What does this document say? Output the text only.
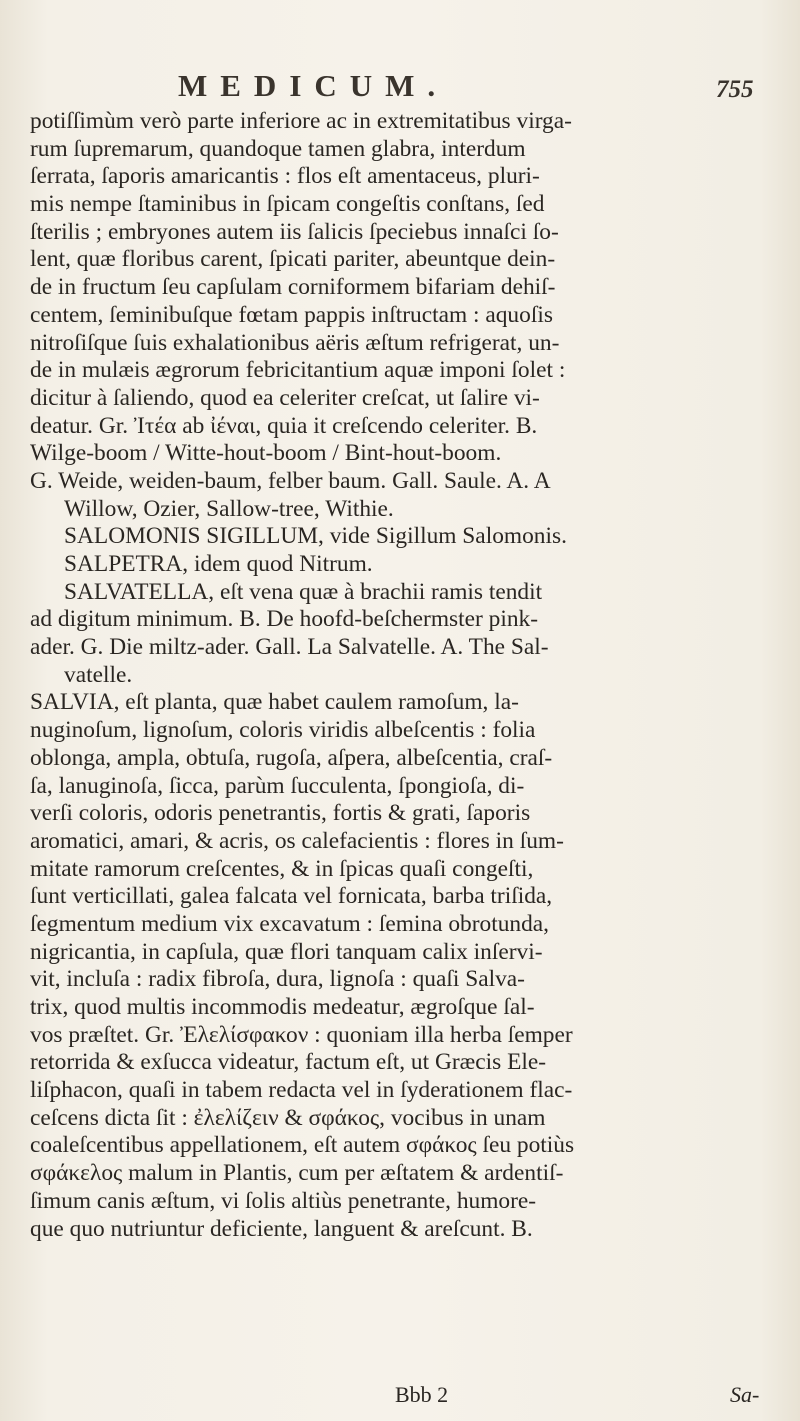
MEDICUM.	755
potiſſimùm verò parte inferiore ac in extremitatibus virga-
rum ſupremarum, quandoque tamen glabra, interdum
ſerrata, ſaporis amaricantis : flos eſt amentaceus, pluri-
mis nempe ſtaminibus in ſpicam congeſtis conſtans, ſed
ſterilis ; embryones autem iis ſalicis ſpeciebus innaſci ſo-
lent, quæ floribus carent, ſpicati pariter, abeuntque dein-
de in fructum ſeu capſulam corniformem bifariam dehiſ-
centem, ſeminibuſque fœtam pappis inſtructam : aquoſis
nitroſiſque ſuis exhalationibus aëris æſtum refrigerat, un-
de in mulæis ægrorum febricitantium aquæ imponi ſolet :
dicitur à ſaliendo, quod ea celeriter creſcat, ut ſalire vi-
deatur. Gr. Ἰτέα ab ἰέναι, quia it creſcendo celeriter. B.
Wilge-boom / Witte-hout-boom / Bint-hout-boom.
G. Weide, weiden-baum, felber baum. Gall. Saule. A. A
Willow, Ozier, Sallow-tree, Withie.
SALOMONIS SIGILLUM, vide Sigillum Salomonis.
SALPETRA, idem quod Nitrum.
SALVATELLA, eſt vena quæ à brachii ramis tendit
ad digitum minimum. B. De hoofd-beſchermster pink-
ader. G. Die miltz-ader. Gall. La Salvatelle. A. The Sal-
vatelle.
SALVIA, eſt planta, quæ habet caulem ramoſum, la-
nuginoſum, lignoſum, coloris viridis albeſcentis : folia
oblonga, ampla, obtuſa, rugoſa, aſpera, albeſcentia, craſ-
ſa, lanuginoſa, ſicca, parùm ſucculenta, ſpongioſa, di-
verſi coloris, odoris penetrantis, fortis & grati, ſaporis
aromatici, amari, & acris, os calefacientis : flores in ſum-
mitate ramorum creſcentes, & in ſpicas quaſi congeſti,
ſunt verticillati, galea falcata vel fornicata, barba triſida,
ſegmentum medium vix excavatum : ſemina obrotunda,
nigricantia, in capſula, quæ flori tanquam calix inſervi-
vit, incluſa : radix fibroſa, dura, lignoſa : quaſi Salva-
trix, quod multis incommodis medeatur, ægroſque ſal-
vos præſtet. Gr. Ἐλελίσφακον : quoniam illa herba ſemper
retorrida & exſucca videatur, factum eſt, ut Græcis Ele-
liſphacon, quaſi in tabem redacta vel in ſyderationem flac-
ceſcens dicta ſit : ἐλελίζειν & σφάκος, vocibus in unam
coaleſcentibus appellationem, eſt autem σφάκος ſeu potiùs
σφάκελος malum in Plantis, cum per æſtatem & ardentiſ-
ſimum canis æſtum, vi ſolis altiùs penetrante, humore-
que quo nutriuntur deficiente, languent & areſcunt. B.
Bbb 2	Sa-
